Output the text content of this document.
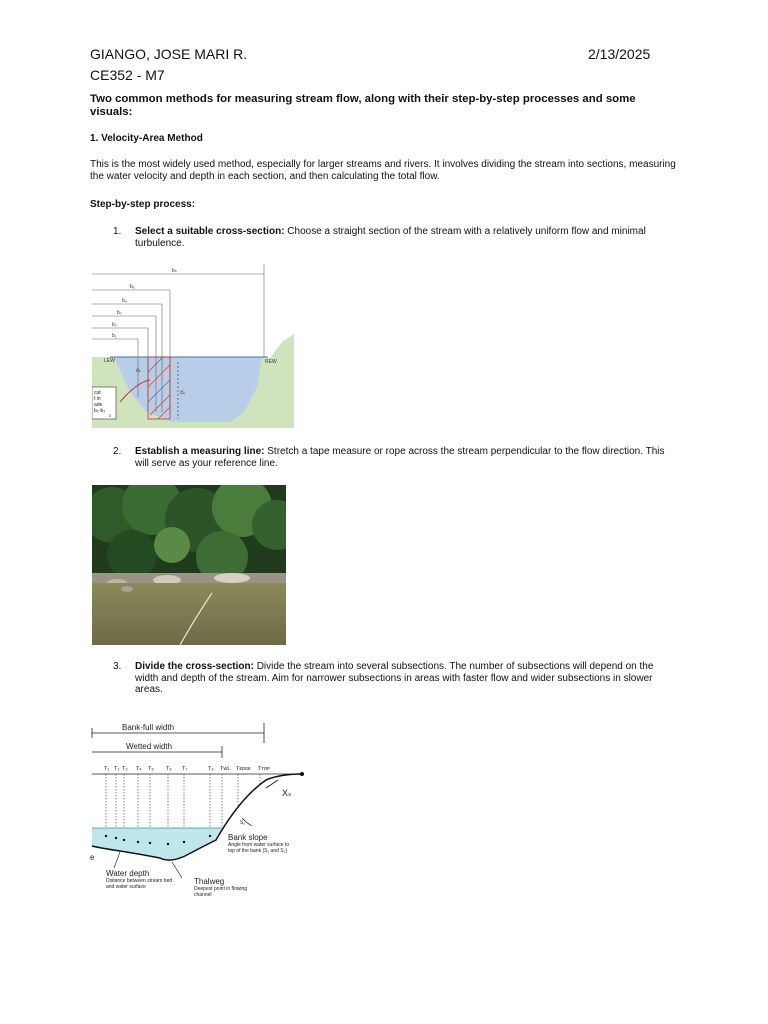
GIANGO, JOSE MARI R.	2/13/2025
CE352 - M7
Two common methods for measuring stream flow, along with their step-by-step processes and some visuals:
1. Velocity-Area Method
This is the most widely used method, especially for larger streams and rivers. It involves dividing the stream into sections, measuring the water velocity and depth in each section, and then calculating the total flow.
Step-by-step process:
1. Select a suitable cross-section: Choose a straight section of the stream with a relatively uniform flow and minimal turbulence.
cut
t in
ade
b₅-b₃
2
LEW	REW
b₁
b₂
b₃
b₄
b₅
bₙ
dₙ
d₄
2. Establish a measuring line: Stretch a tape measure or rope across the stream perpendicular to the flow direction. This will serve as your reference line.
3. Divide the cross-section: Divide the stream into several subsections. The number of subsections will depend on the width and depth of the stream. Aim for narrower subsections in areas with faster flow and wider subsections in slower areas.
Bank-full width
Wetted width
T₁ T₂ T₃ T₄ T₅ T₆ T₇	T₉ TᴡL Tᴇᴅɢᴇ Tᴛᴏᴘ
S₁
Xₛ
e
Bank slope
Angle from water surface to top of the bank (S₁ and S₂)
Water depth
Distance between stream bed and water surface
Thalweg
Deepest point in flowing channel
